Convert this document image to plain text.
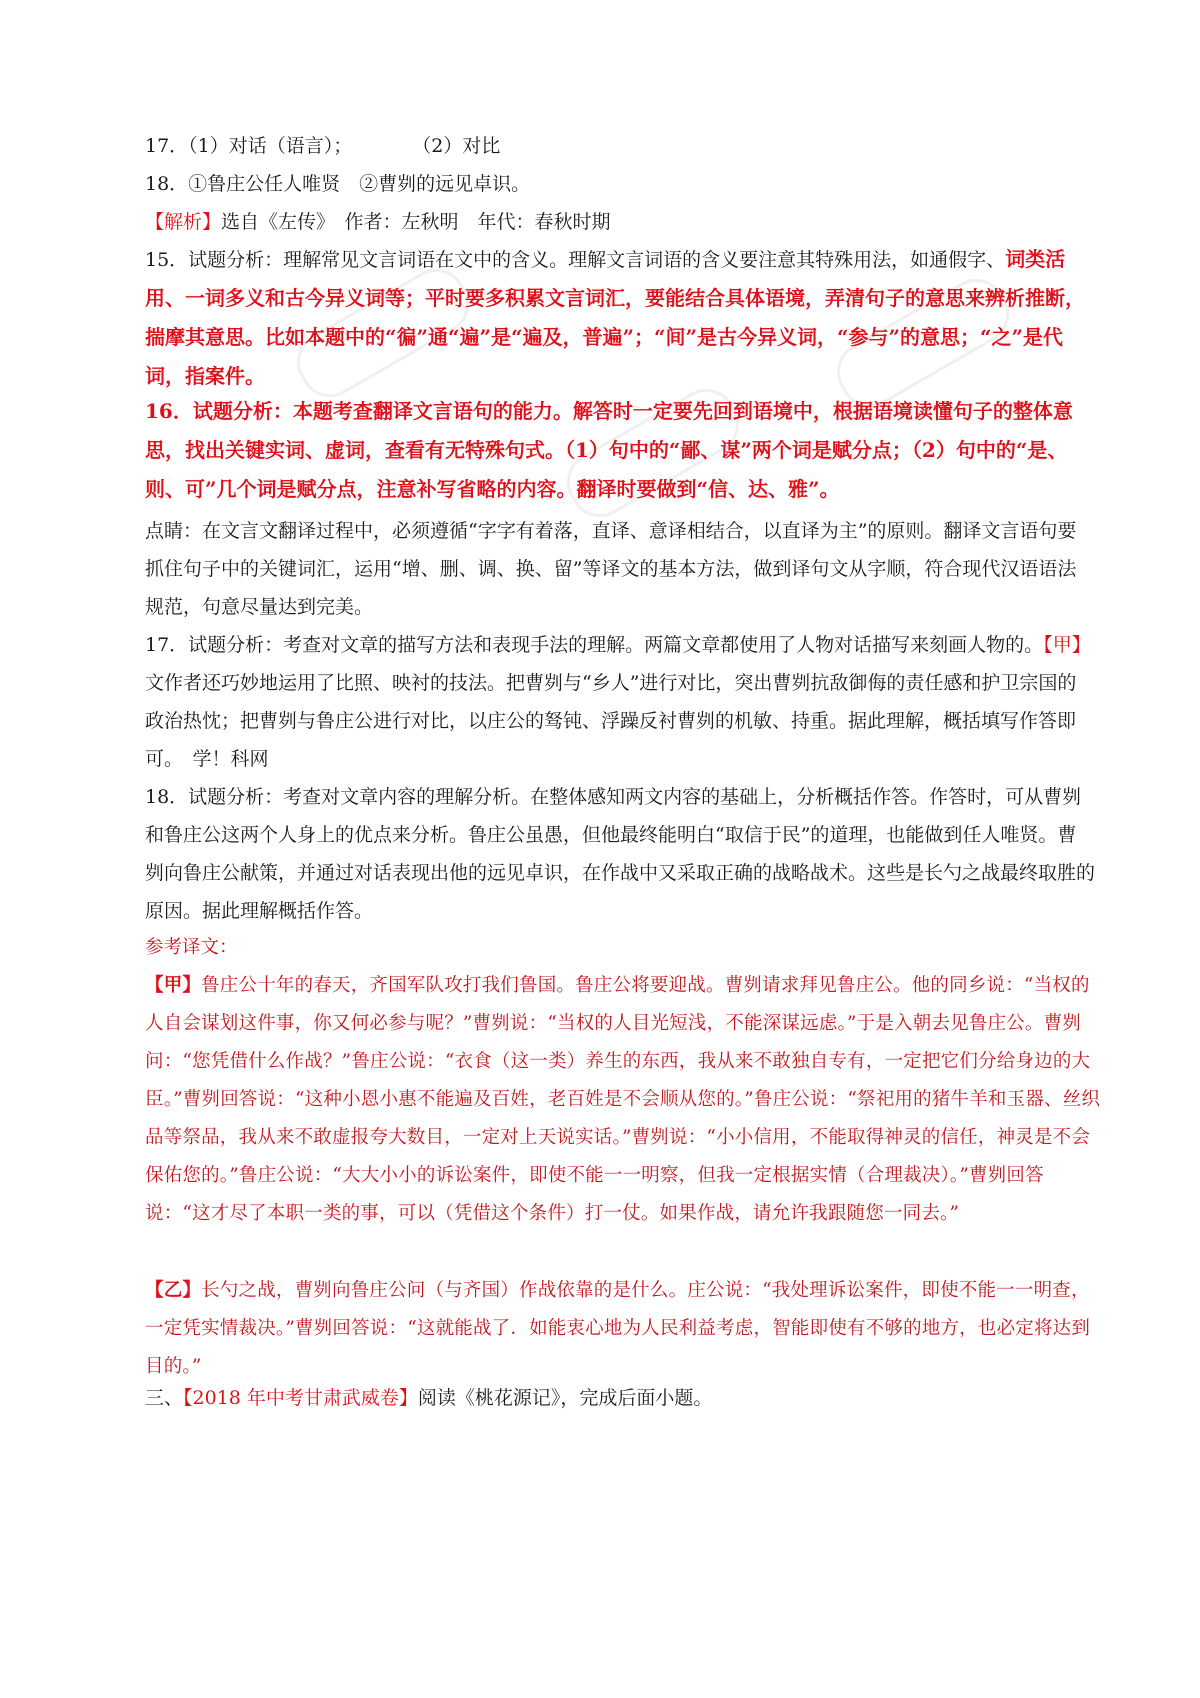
17．（1）对话（语言）；	（2）对比
18．①鲁庄公任人唯贤　②曹刿的远见卓识。
【解析】选自《左传》　作者：左秋明　年代：春秋时期
15．试题分析：理解常见文言词语在文中的含义。理解文言词语的含义要注意其特殊用法，如通假字、词类活用、一词多义和古今异义词等；平时要多积累文言词汇，要能结合具体语境，弄清句子的意思来辨析推断，揣摩其意思。比如本题中的“徧”通“遍”是“遍及，普遍”；“间”是古今异义词，“参与”的意思；“之”是代词，指案件。
16．试题分析：本题考查翻译文言语句的能力。解答时一定要先回到语境中，根据语境读懂句子的整体意思，找出关键实词、虚词，查看有无特殊句式。（1）句中的“鄙、谋”两个词是赋分点；（2）句中的“是、则、可”几个词是赋分点，注意补写省略的内容。翻译时要做到“信、达、雅”。
点睛：在文言文翻译过程中，必须遵循“字字有着落，直译、意译相结合，以直译为主”的原则。翻译文言语句要抓住句子中的关键词汇，运用“增、删、调、换、留”等译文的基本方法，做到译句文从字顺，符合现代汉语语法规范，句意尽量达到完美。
17．试题分析：考查对文章的描写方法和表现手法的理解。两篇文章都使用了人物对话描写来刻画人物的。【甲】文作者还巧妙地运用了比照、映衬的技法。把曹刿与“乡人”进行对比，突出曹刿抗敌御侮的责任感和护卫宗国的政治热忱；把曹刿与鲁庄公进行对比，以庄公的驽钝、浮躁反衬曹刿的机敏、持重。据此理解，概括填写作答即可。　学！科网
18．试题分析：考查对文章内容的理解分析。在整体感知两文内容的基础上，分析概括作答。作答时，可从曹刿和鲁庄公这两个人身上的优点来分析。鲁庄公虽愚，但他最终能明白“取信于民”的道理，也能做到任人唯贤。曹刿向鲁庄公献策，并通过对话表现出他的远见卓识，在作战中又采取正确的战略战术。这些是长勺之战最终取胜的原因。据此理解概括作答。
参考译文：
【甲】鲁庄公十年的春天，齐国军队攻打我们鲁国。鲁庄公将要迎战。曹刿请求拜见鲁庄公。他的同乡说：“当权的人自会谋划这件事，你又何必参与呢？”曹刿说：“当权的人目光短浅，不能深谋远虑。”于是入朝去见鲁庄公。曹刿问：“您凭借什么作战？”鲁庄公说：“衣食（这一类）养生的东西，我从来不敢独自专有，一定把它们分给身边的大臣。”曹刿回答说：“这种小恩小惠不能遍及百姓，老百姓是不会顺从您的。”鲁庄公说：“祭祀用的猪牛羊和玉器、丝织品等祭品，我从来不敢虚报夸大数目，一定对上天说实话。”曹刿说：“小小信用，不能取得神灵的信任，神灵是不会保佑您的。”鲁庄公说：“大大小小的诉讼案件，即使不能一一明察，但我一定根据实情（合理裁决）。”曹刿回答说：“这才尽了本职一类的事，可以（凭借这个条件）打一仗。如果作战，请允许我跟随您一同去。”
【乙】长勺之战，曹刿向鲁庄公问（与齐国）作战依靠的是什么。庄公说：“我处理诉讼案件，即使不能一一明查，一定凭实情裁决。”曹刿回答说：“这就能战了．如能衷心地为人民利益考虑，智能即使有不够的地方，也必定将达到目的。”
三、【2018 年中考甘肃武威卷】阅读《桃花源记》，完成后面小题。
